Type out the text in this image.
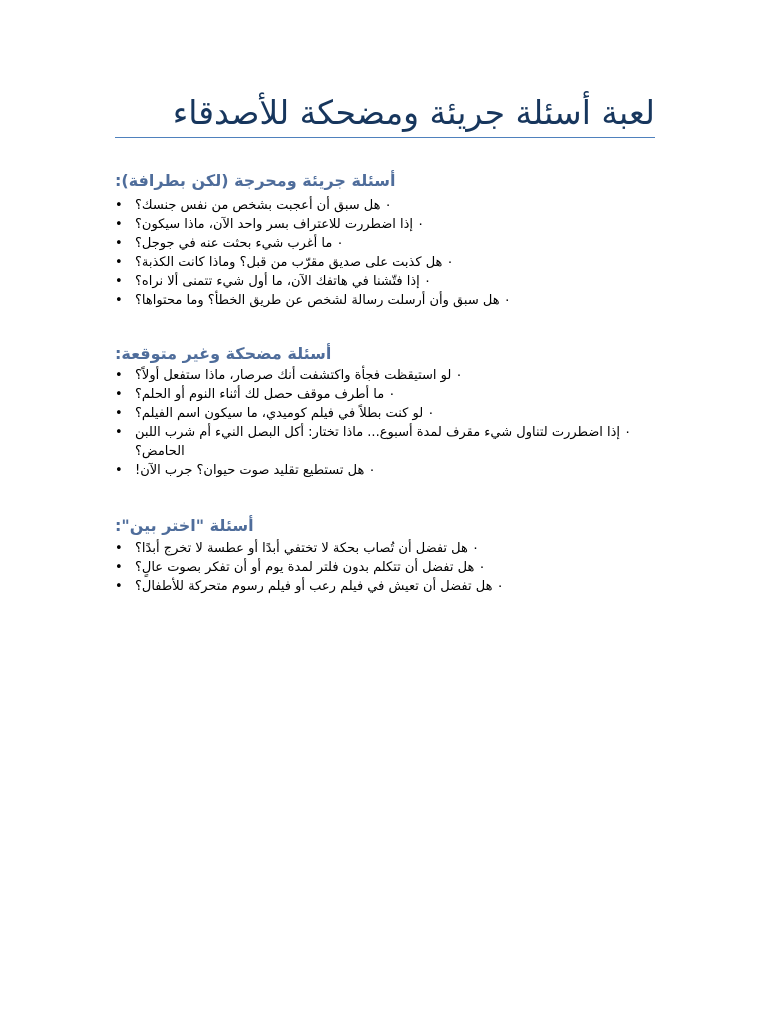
لعبة أسئلة جريئة ومضحكة للأصدقاء
أسئلة جريئة ومحرجة (لكن بطرافة):
• ٠ هل سبق أن أعجبت بشخص من نفس جنسك؟
• ٠ إذا اضطررت للاعتراف بسر واحد الآن، ماذا سيكون؟
• ٠ ما أغرب شيء بحثت عنه في جوجل؟
• ٠ هل كذبت على صديق مقرّب من قبل؟ وماذا كانت الكذبة؟
• ٠ إذا فتّشنا في هاتفك الآن، ما أول شيء تتمنى ألا نراه؟
• ٠ هل سبق وأن أرسلت رسالة لشخص عن طريق الخطأ؟ وما محتواها؟
أسئلة مضحكة وغير متوقعة:
• ٠ لو استيقظت فجأة واكتشفت أنك صرصار، ماذا ستفعل أولاً؟
• ٠ ما أطرف موقف حصل لك أثناء النوم أو الحلم؟
• ٠ لو كنت بطلاً في فيلم كوميدي، ما سيكون اسم الفيلم؟
• ٠ إذا اضطررت لتناول شيء مقرف لمدة أسبوع... ماذا تختار: أكل البصل النيء أم شرب اللبن الحامض؟
• ٠ هل تستطيع تقليد صوت حيوان؟ جرب الآن!
أسئلة "اختر بين":
• ٠ هل تفضل أن تُصاب بحكة لا تختفي أبدًا أو عطسة لا تخرج أبدًا؟
• ٠ هل تفضل أن تتكلم بدون فلتر لمدة يوم أو أن تفكر بصوت عالٍ؟
• ٠ هل تفضل أن تعيش في فيلم رعب أو فيلم رسوم متحركة للأطفال؟
